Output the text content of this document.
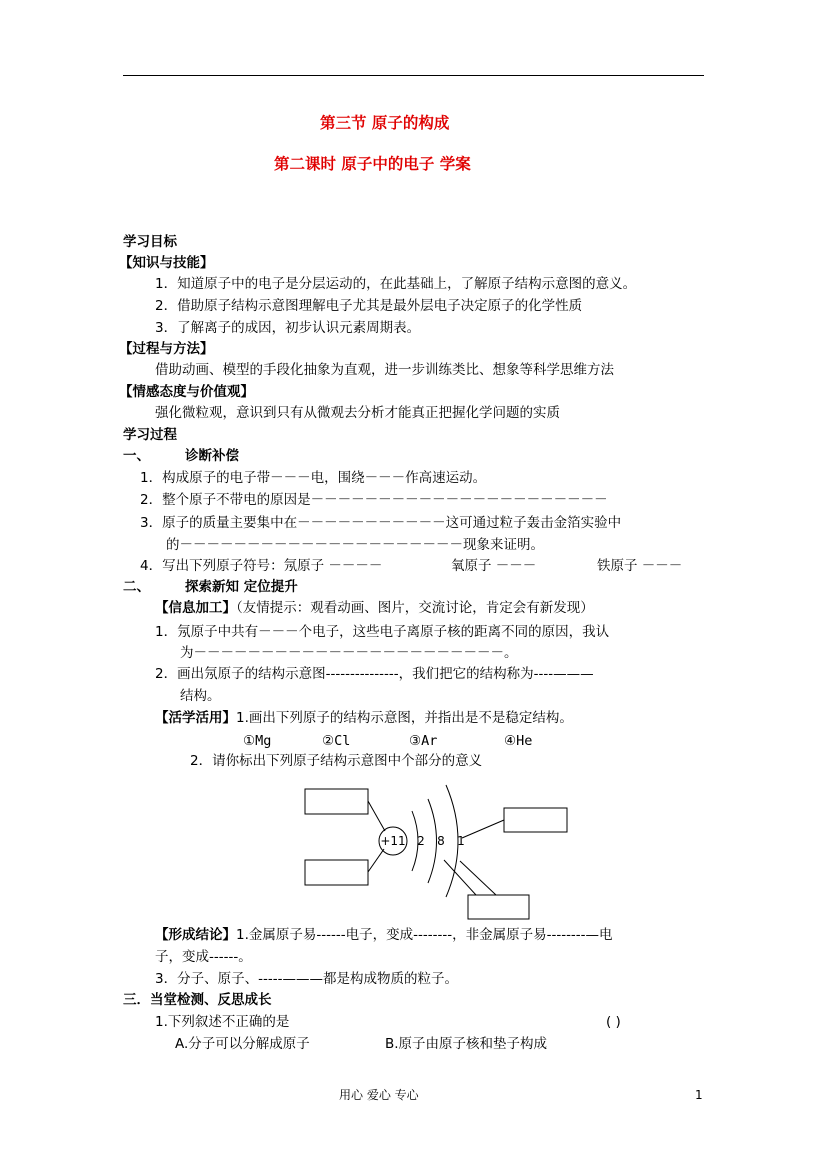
第三节 原子的构成
第二课时 原子中的电子 学案
学习目标
【知识与技能】
1．知道原子中的电子是分层运动的，在此基础上，了解原子结构示意图的意义。
2．借助原子结构示意图理解电子尤其是最外层电子决定原子的化学性质
3．了解离子的成因，初步认识元素周期表。
【过程与方法】
借助动画、模型的手段化抽象为直观，进一步训练类比、想象等科学思维方法
【情感态度与价值观】
强化微粒观，意识到只有从微观去分析才能真正把握化学问题的实质
学习过程
一、	诊断补偿
1．构成原子的电子带－－－电，围绕－－－作高速运动。
2．整个原子不带电的原因是－－－－－－－－－－－－－－－－－－－－－－
3．原子的质量主要集中在－－－－－－－－－－－这可通过粒子轰击金箔实验中
的－－－－－－－－－－－－－－－－－－－－－现象来证明。
4．写出下列原子符号：氖原子 －－－－	氧原子 －－－	铁原子 －－－
二、	探索新知 定位提升
【信息加工】（友情提示：观看动画、图片，交流讨论，肯定会有新发现）
1．氖原子中共有－－－个电子，这些电子离原子核的距离不同的原因，我认
为－－－－－－－－－－－－－－－－－－－－－－－。
2．画出氖原子的结构示意图---------------，我们把它的结构称为----———
结构。
【活学活用】1.画出下列原子的结构示意图，并指出是不是稳定结构。
①Mg	②Cl	③Ar	④He
2．请你标出下列原子结构示意图中个部分的意义
+11 2 8 1
【形成结论】1.金属原子易------电子，变成--------，非金属原子易--------—电
子，变成------。
3．分子、原子、-----———都是构成物质的粒子。
三．当堂检测、反思成长
1.下列叙述不正确的是	( )
A.分子可以分解成原子	B.原子由原子核和垫子构成
用心 爱心 专心	1
